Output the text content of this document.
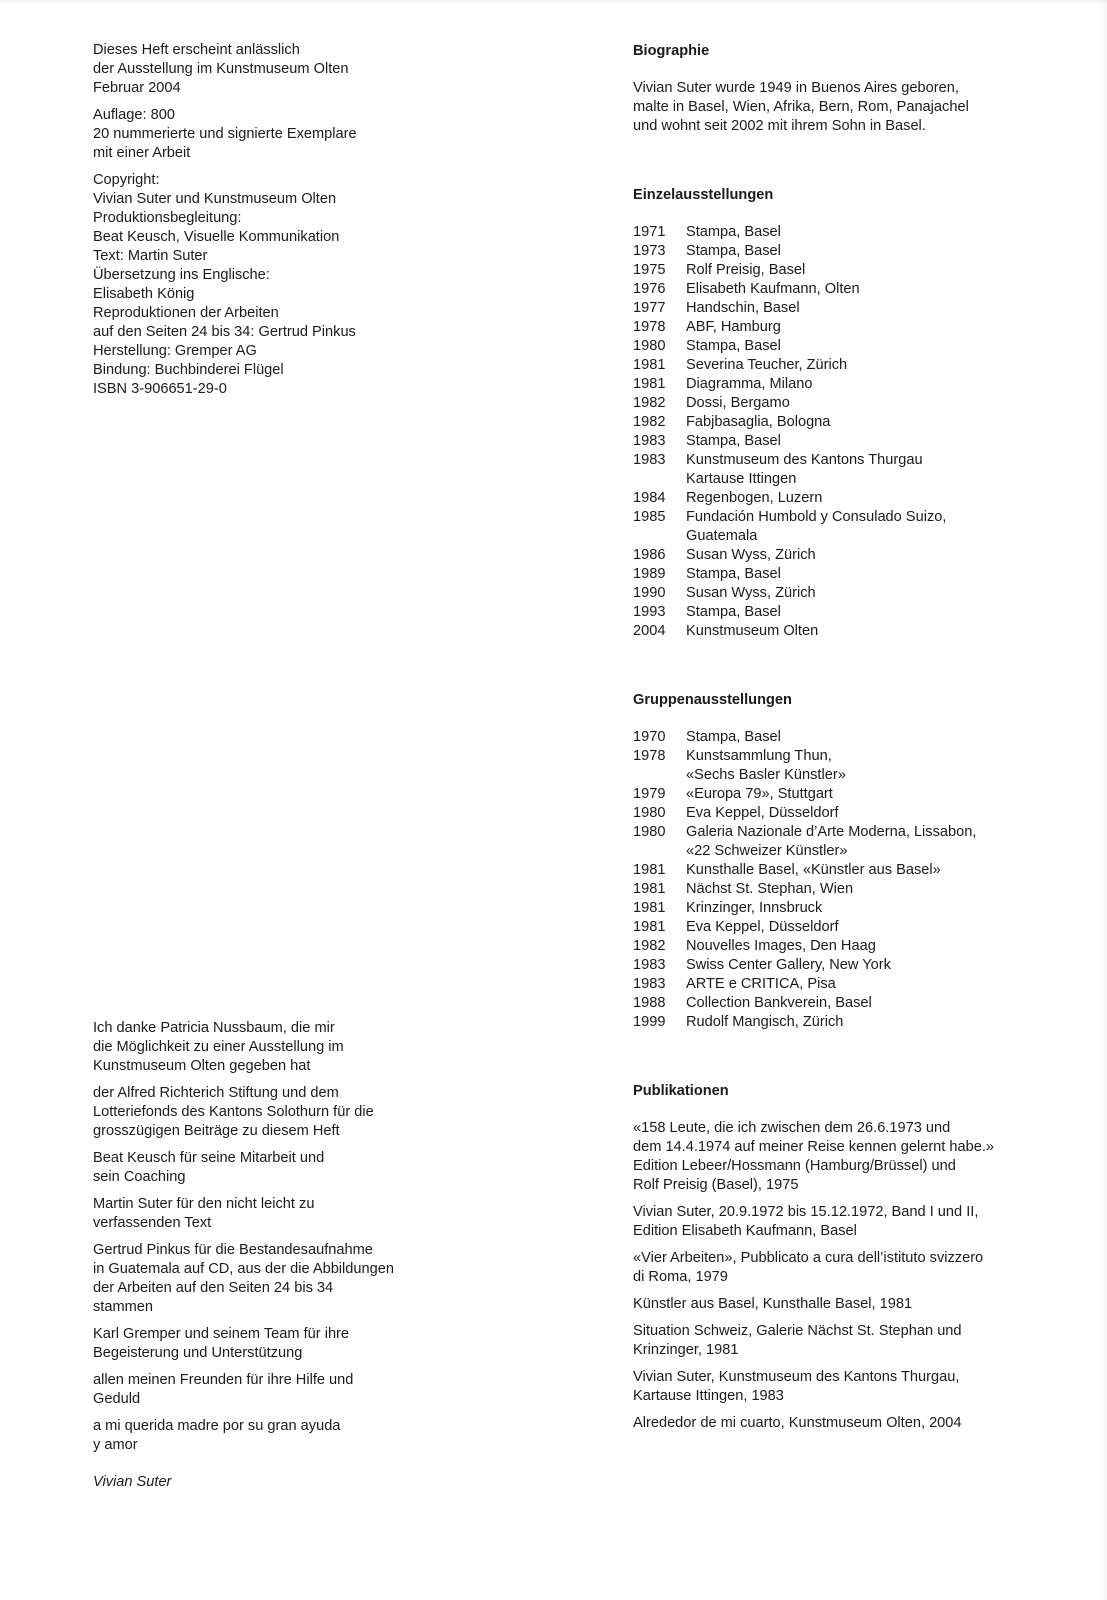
Dieses Heft erscheint anlässlich
der Ausstellung im Kunstmuseum Olten
Februar 2004
Auflage: 800
20 nummerierte und signierte Exemplare
mit einer Arbeit
Copyright:
Vivian Suter und Kunstmuseum Olten
Produktionsbegleitung:
Beat Keusch, Visuelle Kommunikation
Text: Martin Suter
Übersetzung ins Englische:
Elisabeth König
Reproduktionen der Arbeiten
auf den Seiten 24 bis 34: Gertrud Pinkus
Herstellung: Gremper AG
Bindung: Buchbinderei Flügel
ISBN 3-906651-29-0
Ich danke Patricia Nussbaum, die mir
die Möglichkeit zu einer Ausstellung im
Kunstmuseum Olten gegeben hat
der Alfred Richterich Stiftung und dem
Lotteriefonds des Kantons Solothurn für die
grosszügigen Beiträge zu diesem Heft
Beat Keusch für seine Mitarbeit und
sein Coaching
Martin Suter für den nicht leicht zu
verfassenden Text
Gertrud Pinkus für die Bestandesaufnahme
in Guatemala auf CD, aus der die Abbildungen
der Arbeiten auf den Seiten 24 bis 34
stammen
Karl Gremper und seinem Team für ihre
Begeisterung und Unterstützung
allen meinen Freunden für ihre Hilfe und
Geduld
a mi querida madre por su gran ayuda
y amor
Vivian Suter
Biographie
Vivian Suter wurde 1949 in Buenos Aires geboren,
malte in Basel, Wien, Afrika, Bern, Rom, Panajachel
und wohnt seit 2002 mit ihrem Sohn in Basel.
Einzelausstellungen
1971	Stampa, Basel
1973	Stampa, Basel
1975	Rolf Preisig, Basel
1976	Elisabeth Kaufmann, Olten
1977	Handschin, Basel
1978	ABF, Hamburg
1980	Stampa, Basel
1981	Severina Teucher, Zürich
1981	Diagramma, Milano
1982	Dossi, Bergamo
1982	Fabjbasaglia, Bologna
1983	Stampa, Basel
1983	Kunstmuseum des Kantons Thurgau
Kartause Ittingen
1984	Regenbogen, Luzern
1985	Fundación Humbold y Consulado Suizo,
Guatemala
1986	Susan Wyss, Zürich
1989	Stampa, Basel
1990	Susan Wyss, Zürich
1993	Stampa, Basel
2004	Kunstmuseum Olten
Gruppenausstellungen
1970	Stampa, Basel
1978	Kunstsammlung Thun,
«Sechs Basler Künstler»
1979	«Europa 79», Stuttgart
1980	Eva Keppel, Düsseldorf
1980	Galeria Nazionale d’Arte Moderna, Lissabon,
«22 Schweizer Künstler»
1981	Kunsthalle Basel, «Künstler aus Basel»
1981	Nächst St. Stephan, Wien
1981	Krinzinger, Innsbruck
1981	Eva Keppel, Düsseldorf
1982	Nouvelles Images, Den Haag
1983	Swiss Center Gallery, New York
1983	ARTE e CRITICA, Pisa
1988	Collection Bankverein, Basel
1999	Rudolf Mangisch, Zürich
Publikationen
«158 Leute, die ich zwischen dem 26.6.1973 und
dem 14.4.1974 auf meiner Reise kennen gelernt habe.»
Edition Lebeer/Hossmann (Hamburg/Brüssel) und
Rolf Preisig (Basel), 1975
Vivian Suter, 20.9.1972 bis 15.12.1972, Band I und II,
Edition Elisabeth Kaufmann, Basel
«Vier Arbeiten», Pubblicato a cura dell’istituto svizzero
di Roma, 1979
Künstler aus Basel, Kunsthalle Basel, 1981
Situation Schweiz, Galerie Nächst St. Stephan und
Krinzinger, 1981
Vivian Suter, Kunstmuseum des Kantons Thurgau,
Kartause Ittingen, 1983
Alrededor de mi cuarto, Kunstmuseum Olten, 2004
